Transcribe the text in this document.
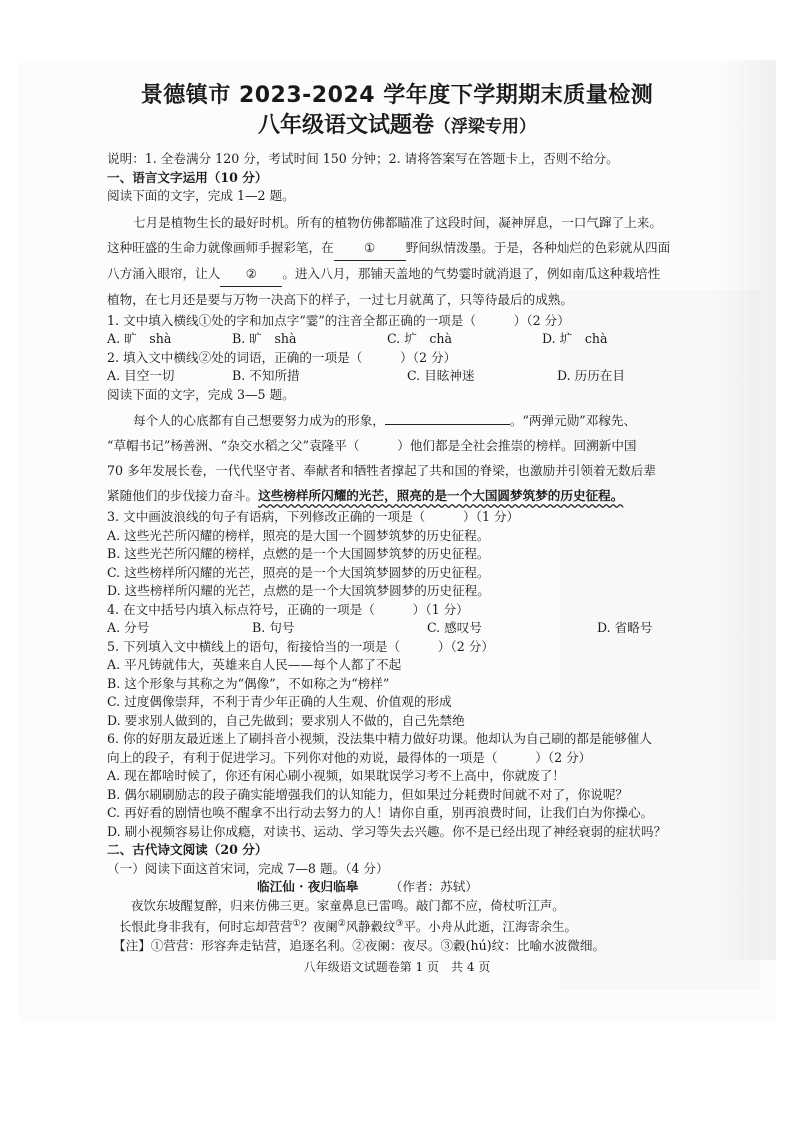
景德镇市 2023-2024 学年度下学期期末质量检测
八年级语文试题卷（浮梁专用）

说明：1. 全卷满分 120 分，考试时间 150 分钟；2. 请将答案写在答题卡上，否则不给分。

一、语言文字运用（10 分）

阅读下面的文字，完成 1—2 题。

七月是植物生长的最好时机。所有的植物仿佛都瞄准了这段时间，凝神屏息，一口气蹿了上来。

这种旺盛的生命力就像画师手握彩笔，在 ① 野间纵情泼墨。于是，各种灿烂的色彩就从四面

八方涌入眼帘，让人 ② 。进入八月，那铺天盖地的气势霎时就消退了，例如南瓜这种栽培性

植物，在七月还是要与万物一决高下的样子，一过七月就萬了，只等待最后的成熟。

1. 文中填入横线①处的字和加点字“霎”的注音全都正确的一项是（　　　）（2 分）

A. 旷　shà	B. 旷　shà	C. 圹　chà	D. 圹　chà

2. 填入文中横线②处的词语，正确的一项是（　　　）（2 分）

A. 目空一切	B. 不知所措	C. 目眩神迷	D. 历历在目

阅读下面的文字，完成 3—5 题。

每个人的心底都有自己想要努力成为的形象，	。“两弹元勋”邓稼先、

“草帽书记”杨善洲、“杂交水稻之父”袁隆平（　　　）他们都是全社会推崇的榜样。回溯新中国

70 多年发展长卷，一代代坚守者、奉献者和牺牲者撑起了共和国的脊梁，也激励并引领着无数后辈

紧随他们的步伐接力奋斗。这些榜样所闪耀的光芒，照亮的是一个大国圆梦筑梦的历史征程。

3. 文中画波浪线的句子有语病，下列修改正确的一项是（　　　）（1 分）

A. 这些光芒所闪耀的榜样，照亮的是大国一个圆梦筑梦的历史征程。

B. 这些光芒所闪耀的榜样，点燃的是一个大国圆梦筑梦的历史征程。

C. 这些榜样所闪耀的光芒，照亮的是一个大国筑梦圆梦的历史征程。

D. 这些榜样所闪耀的光芒，点燃的是一个大国筑梦圆梦的历史征程。

4. 在文中括号内填入标点符号，正确的一项是（　　　）（1 分）

A. 分号	B. 句号	C. 感叹号	D. 省略号

5. 下列填入文中横线上的语句，衔接恰当的一项是（　　　）（2 分）

A. 平凡铸就伟大，英雄来自人民——每个人都了不起

B. 这个形象与其称之为“偶像”，不如称之为“榜样”

C. 过度偶像崇拜，不利于青少年正确的人生观、价值观的形成

D. 要求别人做到的，自己先做到；要求别人不做的，自己先禁绝

6. 你的好朋友最近迷上了刷抖音小视频，没法集中精力做好功课。他却认为自己刷的都是能够催人

向上的段子，有利于促进学习。下列你对他的劝说，最得体的一项是（　　　）（2 分）

A. 现在都啥时候了，你还有闲心刷小视频，如果耽误学习考不上高中，你就废了！

B. 偶尔刷刷励志的段子确实能增强我们的认知能力，但如果过分耗费时间就不对了，你说呢？

C. 再好看的剧情也唤不醒拿不出行动去努力的人！请你自重，别再浪费时间，让我们白为你操心。

D. 刷小视频容易让你成瘾，对读书、运动、学习等失去兴趣。你不是已经出现了神经衰弱的症状吗？

二、古代诗文阅读（20 分）

（一）阅读下面这首宋词，完成 7—8 题。（4 分）

临江仙 · 夜归临皋　　　	（作者：苏轼）

夜饮东坡醒复醉，归来仿佛三更。家童鼻息已雷鸣。敲门都不应，倚杖听江声。

长恨此身非我有，何时忘却营营①？夜阑②风静縠纹③平。小舟从此逝，江海寄余生。

【注】①营营：形容奔走钻营，追逐名利。②夜阑：夜尽。③縠(hú)纹：比喻水波微细。

八年级语文试题卷第 1 页　共 4 页
